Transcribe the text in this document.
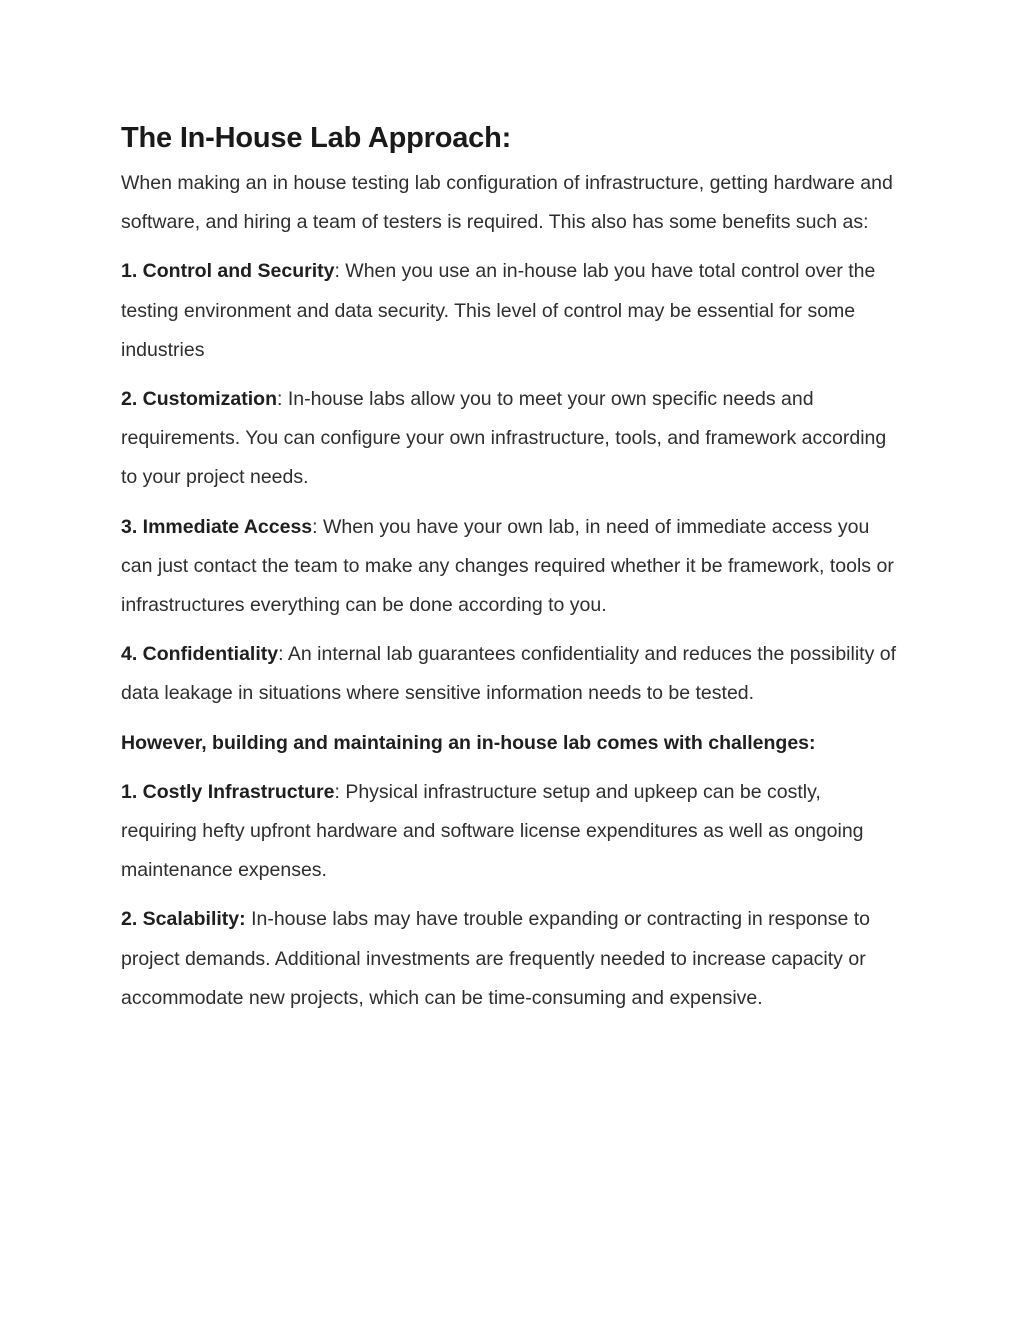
The In-House Lab Approach:

When making an in house testing lab configuration of infrastructure, getting hardware and software, and hiring a team of testers is required. This also has some benefits such as:

1. Control and Security: When you use an in-house lab you have total control over the testing environment and data security. This level of control may be essential for some industries

2. Customization: In-house labs allow you to meet your own specific needs and requirements. You can configure your own infrastructure, tools, and framework according to your project needs.

3. Immediate Access: When you have your own lab, in need of immediate access you can just contact the team to make any changes required whether it be framework, tools or infrastructures everything can be done according to you.

4. Confidentiality: An internal lab guarantees confidentiality and reduces the possibility of data leakage in situations where sensitive information needs to be tested.

However, building and maintaining an in-house lab comes with challenges:

1. Costly Infrastructure: Physical infrastructure setup and upkeep can be costly, requiring hefty upfront hardware and software license expenditures as well as ongoing maintenance expenses.

2. Scalability: In-house labs may have trouble expanding or contracting in response to project demands. Additional investments are frequently needed to increase capacity or accommodate new projects, which can be time-consuming and expensive.
